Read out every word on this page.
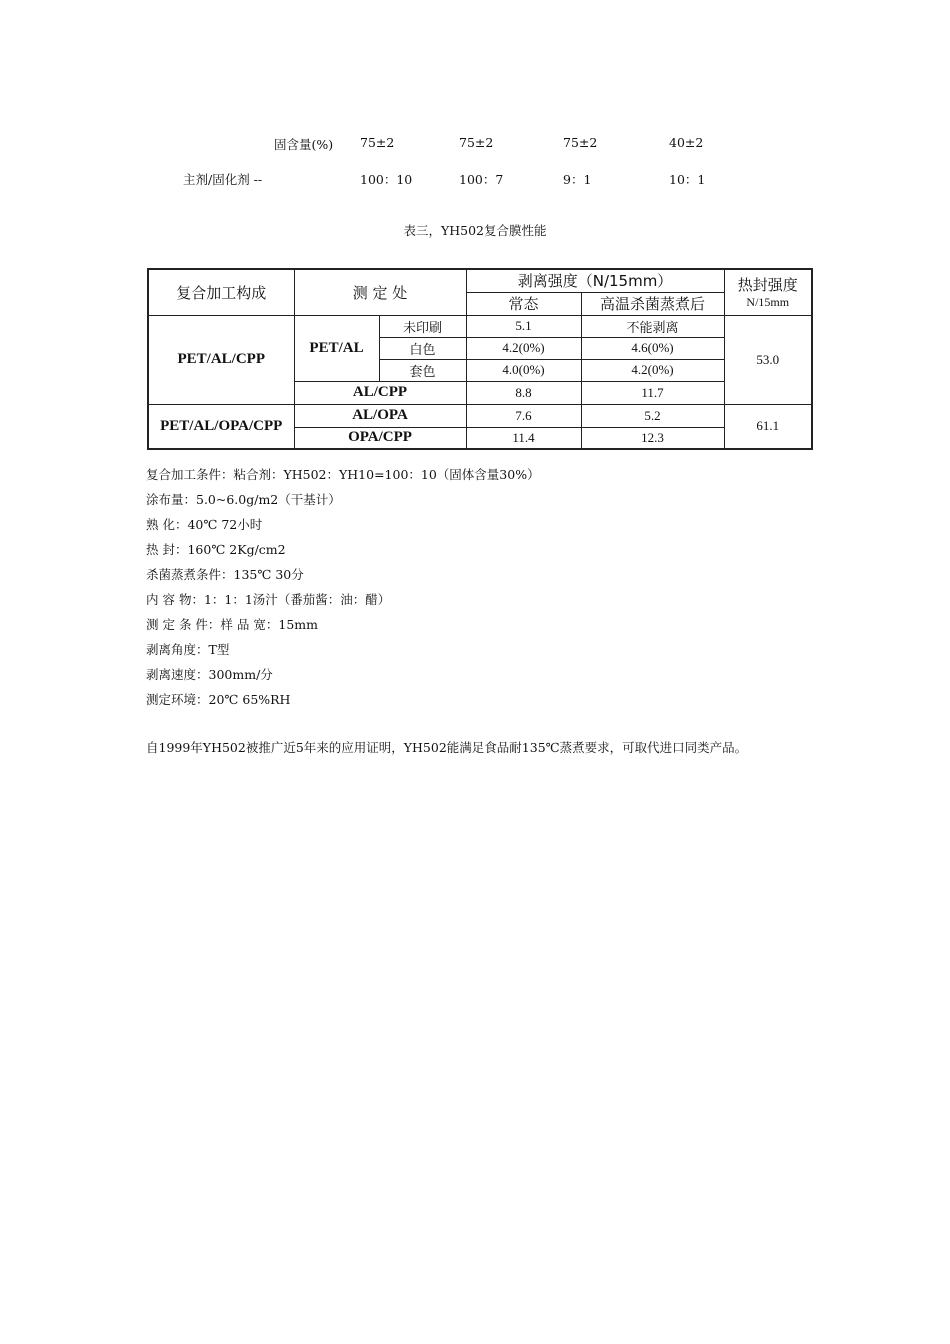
固含量(%) 75±2	75±2	75±2	40±2
主剂/固化剂 --	100：10	100：7	9：1	10：1
表三，YH502复合膜性能
复合加工构成	测 定 处		剥离强度（N/15mm）		热封强度
N/15mm

			常态	高温杀菌蒸煮后	
PET/AL/CPP	PET/AL	未印刷	5.1	不能剥离	53.0
		白色	4.2(0%)	4.6(0%)	
		套色	4.0(0%)	4.2(0%)	
	AL/CPP		8.8	11.7	
PET/AL/OPA/CPP	AL/OPA		7.6	5.2	61.1
	OPA/CPP		11.4	12.3	
复合加工条件：粘合剂：YH502：YH10=100：10（固体含量30%）
涂布量：5.0~6.0g/m2（干基计）
熟 化：40℃ 72小时
热 封：160℃ 2Kg/cm2
杀菌蒸煮条件：135℃ 30分
内 容 物：1：1：1汤汁（番茄酱：油：醋）
测 定 条 件：样 品 宽：15mm
剥离角度：T型
剥离速度：300mm/分
测定环境：20℃ 65%RH
自1999年YH502被推广近5年来的应用证明，YH502能满足食品耐135℃蒸煮要求，可取代进口同类产品。
